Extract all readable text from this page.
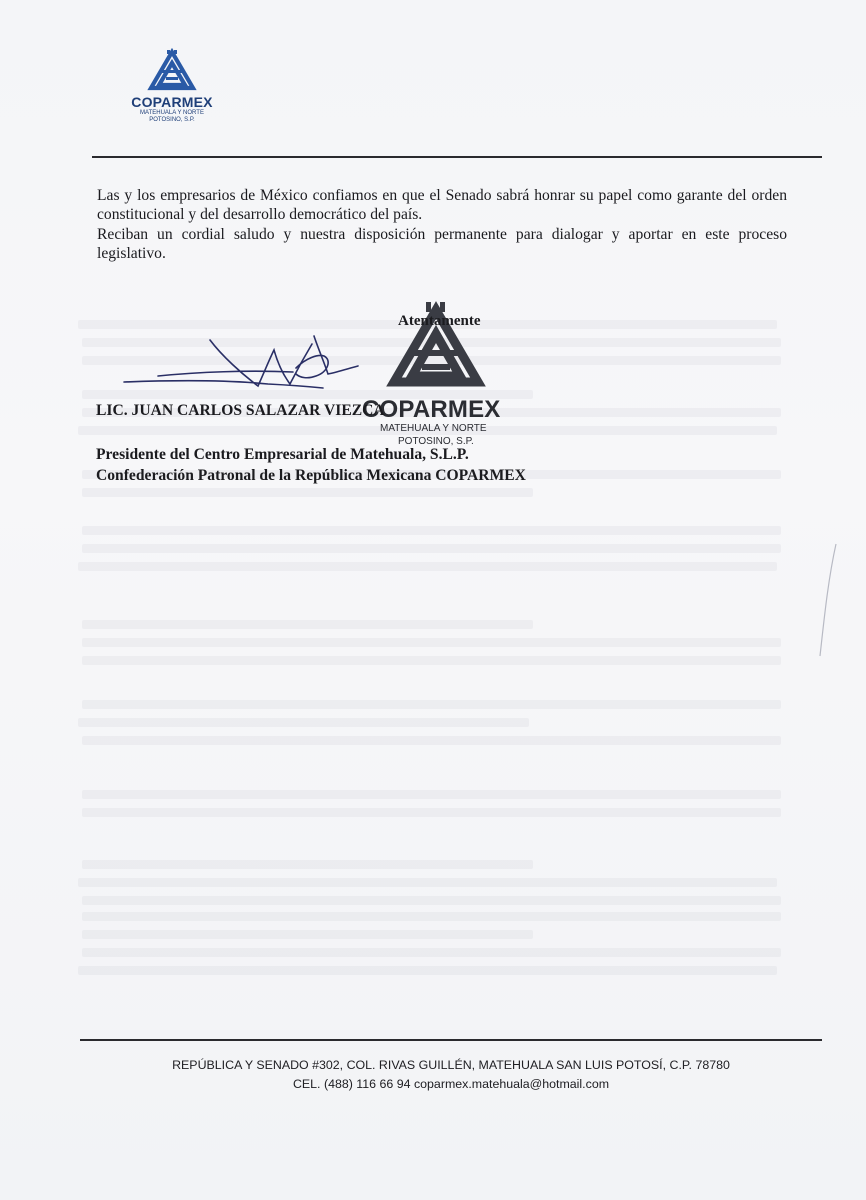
COPARMEX
MATEHUALA Y NORTE
POTOSINO, S.P.

Las y los empresarios de México confiamos en que el Senado sabrá honrar su papel como garante del orden constitucional y del desarrollo democrático del país.

Reciban un cordial saludo y nuestra disposición permanente para dialogar y aportar en este proceso legislativo.

COPARMEX
MATEHUALA Y NORTE
POTOSINO, S.P.
Atentamente
LIC. JUAN CARLOS SALAZAR VIEZCA
Presidente del Centro Empresarial de Matehuala, S.L.P.
Confederación Patronal de la República Mexicana COPARMEX
REPÚBLICA Y SENADO #302, COL. RIVAS GUILLÉN, MATEHUALA SAN LUIS POTOSÍ, C.P. 78780
CEL. (488) 116 66 94 coparmex.matehuala@hotmail.com
